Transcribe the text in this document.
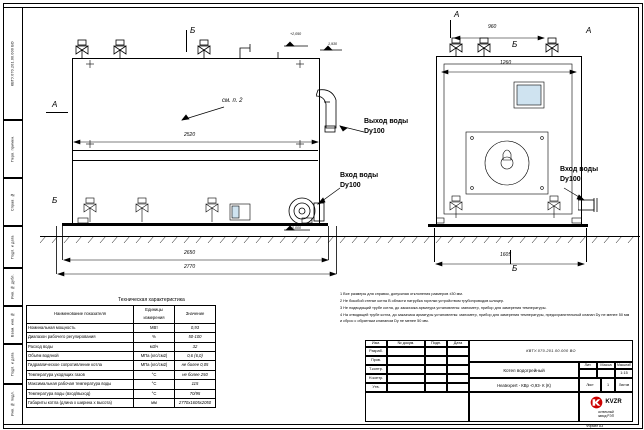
КВТУ.070.201.00.000 ВО
Перв. примен.
Справ. №
Подп. и дата
Инв. № дубл.
Взам. инв. №
Подп. и дата
Инв. № подл.
+2,050
1,930
0,000
см. п. 2
Б
А
Б
2520
2650
2770
Выход воды
Dy100
Вход воды
Dy100
Вход воды
Dy100
А
Б
А
Б
960
1260
1605
Техническая характеристика
Наименование показателя	Единицы измерения	Значение
Номинальная мощность	МВт	0,93
Диапазон рабочего регулирования	%	50-100
Расход воды	м3/ч	32
Объём водяной	МПа (кгс/см2)	0,6 (6,0)
Гидравлическое сопротивление котла	МПа (кгс/см2)	не более 0,05
Температура уходящих газов	°С	не более 250
Максимальная рабочая температура воды	°С	115
Температура воды (вход/выход)	°С	70/95
Габариты котла (длина х ширина х высота)	мм	2770х1605х2050
1 Все размеры для справок, допускная отклонения размеров ±30 мм.
2 Не бокобой стенке котла В области патрубка горелки устройством трубопроводов шлицер.
3 Не подводящий трубе котла, до заказчика арматура установлены: манометр, прибор для замерения температуры.
4 На отводящей трубе котла, до заказчика арматуры установлены: манометр, прибор для замерения температуры, предохранительный клапан Dy не менее 50 мм и сброс с обратным клапаном Dy не менее 50 мм.
Изм.	№ докум.	Подп.	Дата
КВТУ.070.201.00.000 ВО
Разраб.
Пров.
Т.контр.
Н.контр.
Утв.
Котел водогрейный
Heatexpert - КВр -0,93- К (К)
Лит.	Масса	Масштаб
1:15
Лист	1	Листов
KVZR
котельный
завод РЭП
Формат А3
